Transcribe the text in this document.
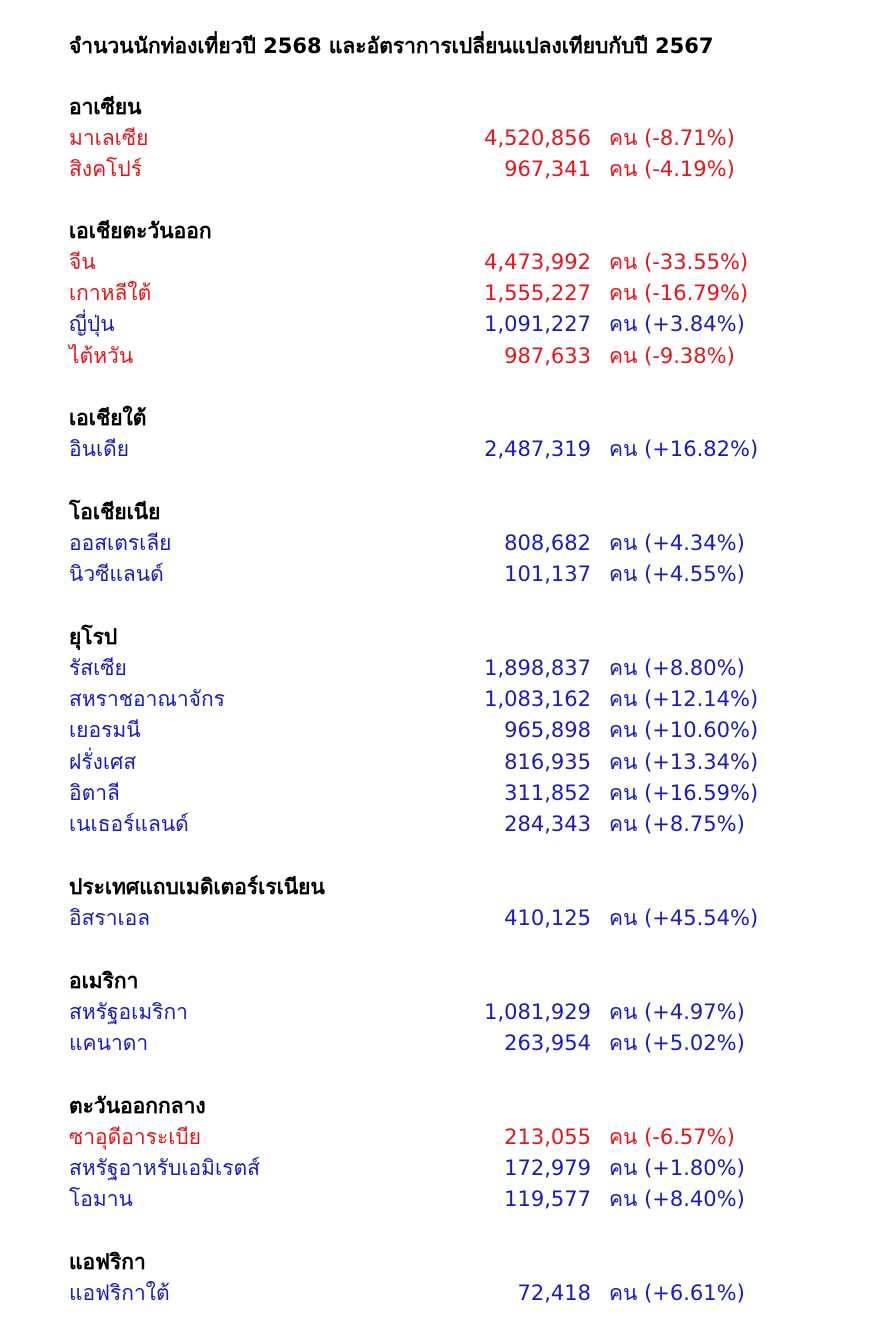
จำนวนนักท่องเที่ยวปี 2568 และอัตราการเปลี่ยนแปลงเทียบกับปี 2567
อาเซียน
มาเลเซีย	4,520,856 คน (-8.71%)
สิงคโปร์	967,341 คน (-4.19%)
เอเชียตะวันออก
จีน	4,473,992 คน (-33.55%)
เกาหลีใต้	1,555,227 คน (-16.79%)
ญี่ปุ่น	1,091,227 คน (+3.84%)
ไต้หวัน	987,633 คน (-9.38%)
เอเชียใต้
อินเดีย	2,487,319 คน (+16.82%)
โอเชียเนีย
ออสเตรเลีย	808,682 คน (+4.34%)
นิวซีแลนด์	101,137 คน (+4.55%)
ยุโรป
รัสเซีย	1,898,837 คน (+8.80%)
สหราชอาณาจักร	1,083,162 คน (+12.14%)
เยอรมนี	965,898 คน (+10.60%)
ฝรั่งเศส	816,935 คน (+13.34%)
อิตาลี	311,852 คน (+16.59%)
เนเธอร์แลนด์	284,343 คน (+8.75%)
ประเทศแถบเมดิเตอร์เรเนียน
อิสราเอล	410,125 คน (+45.54%)
อเมริกา
สหรัฐอเมริกา	1,081,929 คน (+4.97%)
แคนาดา	263,954 คน (+5.02%)
ตะวันออกกลาง
ซาอุดีอาระเบีย	213,055 คน (-6.57%)
สหรัฐอาหรับเอมิเรตส์	172,979 คน (+1.80%)
โอมาน	119,577 คน (+8.40%)
แอฟริกา
แอฟริกาใต้	72,418 คน (+6.61%)
